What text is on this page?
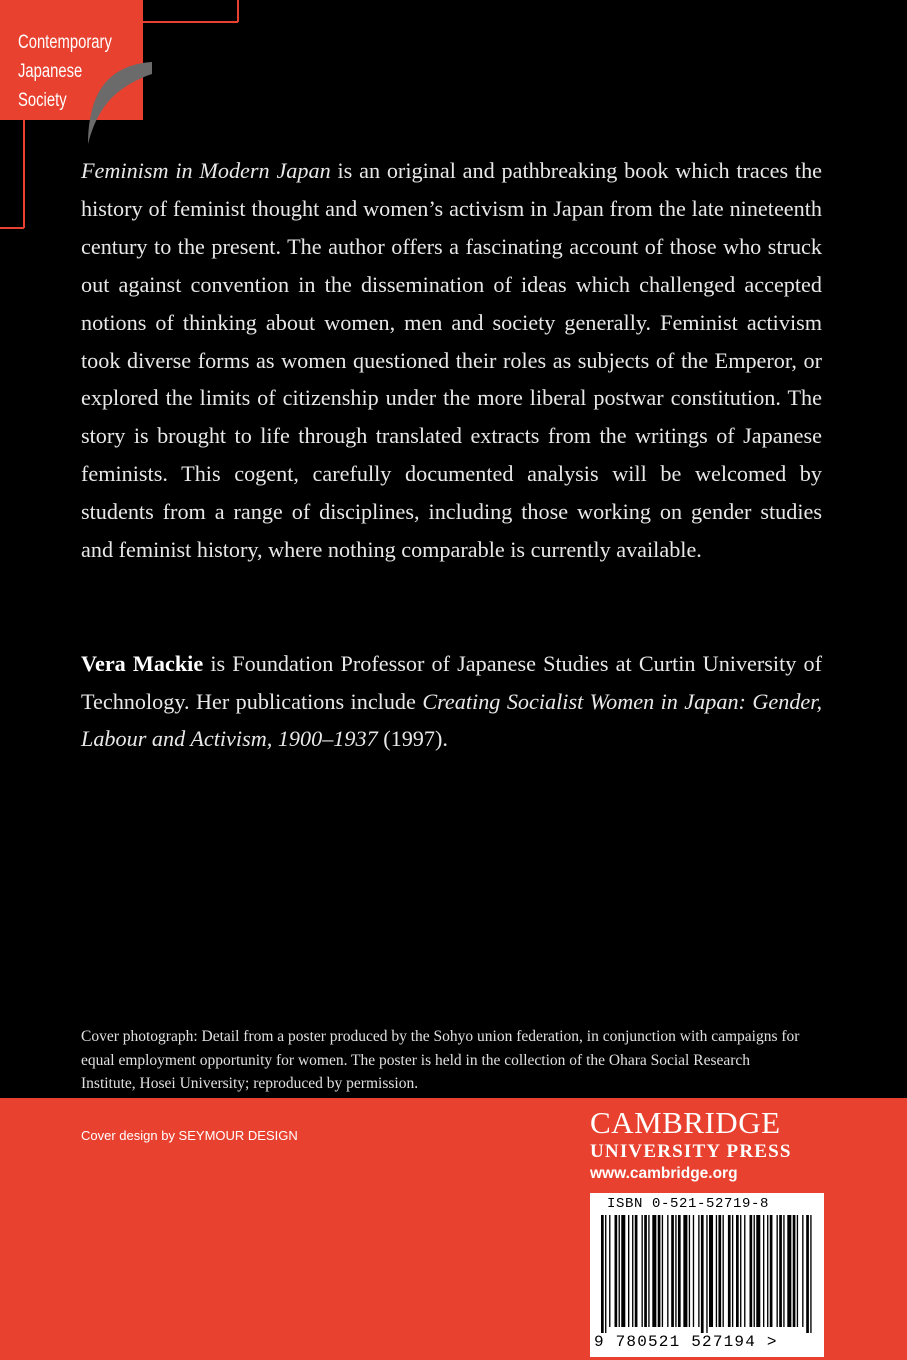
Contemporary
Japanese
Society

Feminism in Modern Japan is an original and pathbreaking book which traces the history of feminist thought and women’s activism in Japan from the late nineteenth century to the present. The author offers a fascinating account of those who struck out against convention in the dissemination of ideas which challenged accepted notions of thinking about women, men and society generally. Feminist activism took diverse forms as women questioned their roles as subjects of the Emperor, or explored the limits of citizenship under the more liberal postwar constitution. The story is brought to life through translated extracts from the writings of Japanese feminists. This cogent, carefully documented analysis will be welcomed by students from a range of disciplines, including those working on gender studies and feminist history, where nothing comparable is currently available.

Vera Mackie is Foundation Professor of Japanese Studies at Curtin University of Technology. Her publications include Creating Socialist Women in Japan: Gender, Labour and Activism, 1900–1937 (1997).

Cover photograph: Detail from a poster produced by the Sohyo union federation, in conjunction with campaigns for equal employment opportunity for women. The poster is held in the collection of the Ohara Social Research Institute, Hosei University; reproduced by permission.

Cover design by SEYMOUR DESIGN	CAMBRIDGE
UNIVERSITY PRESS
www.cambridge.org
ISBN 0-521-52719-8
9 780521 527194 >
